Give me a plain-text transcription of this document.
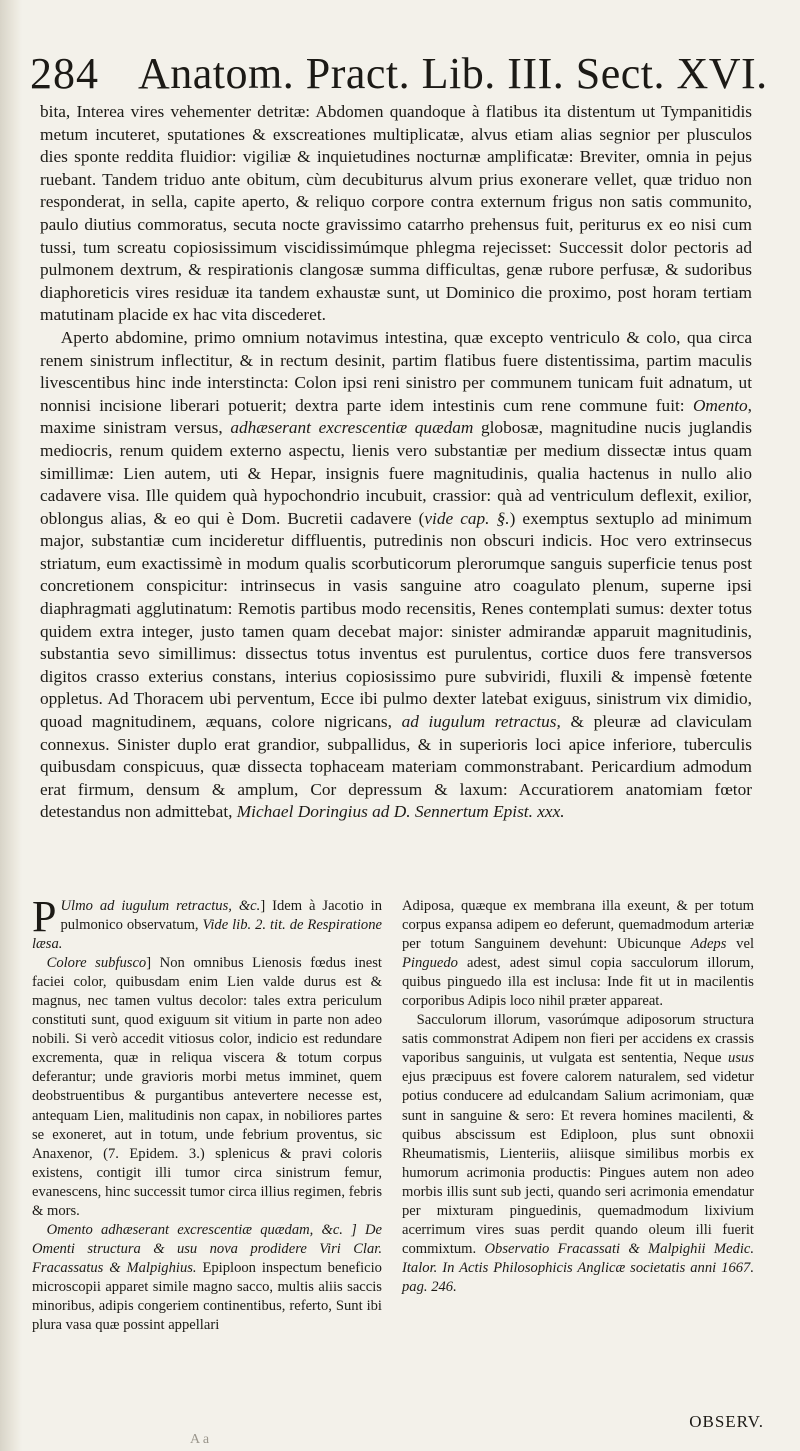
284 Anatom. Pract. Lib. III. Sect. XVI.

bita, Interea vires vehementer detritæ: Abdomen quandoque à flatibus ita distentum ut Tympanitidis metum incuteret, sputationes & exscreationes multiplicatæ, alvus etiam alias segnior per plusculos dies sponte reddita fluidior: vigiliæ & inquietudines nocturnæ amplificatæ: Breviter, omnia in pejus ruebant. Tandem triduo ante obitum, cùm decubiturus alvum prius exonerare vellet, quæ triduo non responderat, in sella, capite aperto, & reliquo corpore contra externum frigus non satis communito, paulo diutius commoratus, secuta nocte gravissimo catarrho prehensus fuit, periturus ex eo nisi cum tussi, tum screatu copiosissimum viscidissimúmque phlegma rejecisset: Successit dolor pectoris ad pulmonem dextrum, & respirationis clangosæ summa difficultas, genæ rubore perfusæ, & sudoribus diaphoreticis vires residuæ ita tandem exhaustæ sunt, ut Dominico die proximo, post horam tertiam matutinam placide ex hac vita discederet.

Aperto abdomine, primo omnium notavimus intestina, quæ excepto ventriculo & colo, qua circa renem sinistrum inflectitur, & in rectum desinit, partim flatibus fuere distentissima, partim maculis livescentibus hinc inde interstincta: Colon ipsi reni sinistro per communem tunicam fuit adnatum, ut nonnisi incisione liberari potuerit; dextra parte idem intestinis cum rene commune fuit: Omento, maxime sinistram versus, adhæserant excrescentiæ quædam globosæ, magnitudine nucis juglandis mediocris, renum quidem externo aspectu, lienis vero substantiæ per medium dissectæ intus quam simillimæ: Lien autem, uti & Hepar, insignis fuere magnitudinis, qualia hactenus in nullo alio cadavere visa. Ille quidem quà hypochondrio incubuit, crassior: quà ad ventriculum deflexit, exilior, oblongus alias, & eo qui è Dom. Bucretii cadavere (vide cap. §.) exemptus sextuplo ad minimum major, substantiæ cum incideretur diffluentis, putredinis non obscuri indicis. Hoc vero extrinsecus striatum, eum exactissimè in modum qualis scorbuticorum plerorumque sanguis superficie tenus post concretionem conspicitur: intrinsecus in vasis sanguine atro coagulato plenum, superne ipsi diaphragmati agglutinatum: Remotis partibus modo recensitis, Renes contemplati sumus: dexter totus quidem extra integer, justo tamen quam decebat major: sinister admirandæ apparuit magnitudinis, substantia sevo simillimus: dissectus totus inventus est purulentus, cortice duos fere transversos digitos crasso exterius constans, interius copiosissimo pure subviridi, fluxili & impensè fœtente oppletus. Ad Thoracem ubi perventum, Ecce ibi pulmo dexter latebat exiguus, sinistrum vix dimidio, quoad magnitudinem, æquans, colore nigricans, ad iugulum retractus, & pleuræ ad claviculam connexus. Sinister duplo erat grandior, subpallidus, & in superioris loci apice inferiore, tuberculis quibusdam conspicuus, quæ dissecta tophaceam materiam commonstrabant. Pericardium admodum erat firmum, densum & amplum, Cor depressum & laxum: Accuratiorem anatomiam fœtor detestandus non admittebat, Michael Doringius ad D. Sennertum Epist. xxx.

P Ulmo ad iugulum retractus, &c.] Idem à Jacotio in pulmonico observatum, Vide lib. 2. tit. de Respiratione læsa.

Colore subfusco] Non omnibus Lienosis fœdus inest faciei color, quibusdam enim Lien valde durus est & magnus, nec tamen vultus decolor: tales extra periculum constituti sunt, quod exiguum sit vitium in parte non adeo nobili. Si verò accedit vitiosus color, indicio est redundare excrementa, quæ in reliqua viscera & totum corpus deferantur; unde gravioris morbi metus imminet, quem deobstruentibus & purgantibus antevertere necesse est, antequam Lien, malitudinis non capax, in nobiliores partes se exoneret, aut in totum, unde febrium proventus, sic Anaxenor, (7. Epidem. 3.) splenicus & pravi coloris existens, contigit illi tumor circa sinistrum femur, evanescens, hinc successit tumor circa illius regimen, febris & mors.

Omento adhæserant excrescentiæ quædam, &c. ] De Omenti structura & usu nova prodidere Viri Clar. Fracassatus & Malpighius. Epiploon inspectum beneficio microscopii apparet simile magno sacco, multis aliis saccis minoribus, adipis congeriem continentibus, referto, Sunt ibi plura vasa quæ possint appellari

Adiposa, quæque ex membrana illa exeunt, & per totum corpus expansa adipem eo deferunt, quemadmodum arteriæ per totum Sanguinem devehunt: Ubicunque Adeps vel Pinguedo adest, adest simul copia sacculorum illorum, quibus pinguedo illa est inclusa: Inde fit ut in macilentis corporibus Adipis loco nihil præter appareat.

Sacculorum illorum, vasorúmque adiposorum structura satis commonstrat Adipem non fieri per accidens ex crassis vaporibus sanguinis, ut vulgata est sententia, Neque usus ejus præcipuus est fovere calorem naturalem, sed videtur potius conducere ad edulcandam Salium acrimoniam, quæ sunt in sanguine & sero: Et revera homines macilenti, & quibus abscissum est Ediploon, plus sunt obnoxii Rheumatismis, Lienteriis, aliisque similibus morbis ex humorum acrimonia productis: Pingues autem non adeo morbis illis sunt sub jecti, quando seri acrimonia emendatur per mixturam pinguedinis, quemadmodum lixivium acerrimum vires suas perdit quando oleum illi fuerit commixtum. Observatio Fracassati & Malpighii Medic. Italor. In Actis Philosophicis Anglicæ societatis anni 1667. pag. 246.

OBSERV.
A a
